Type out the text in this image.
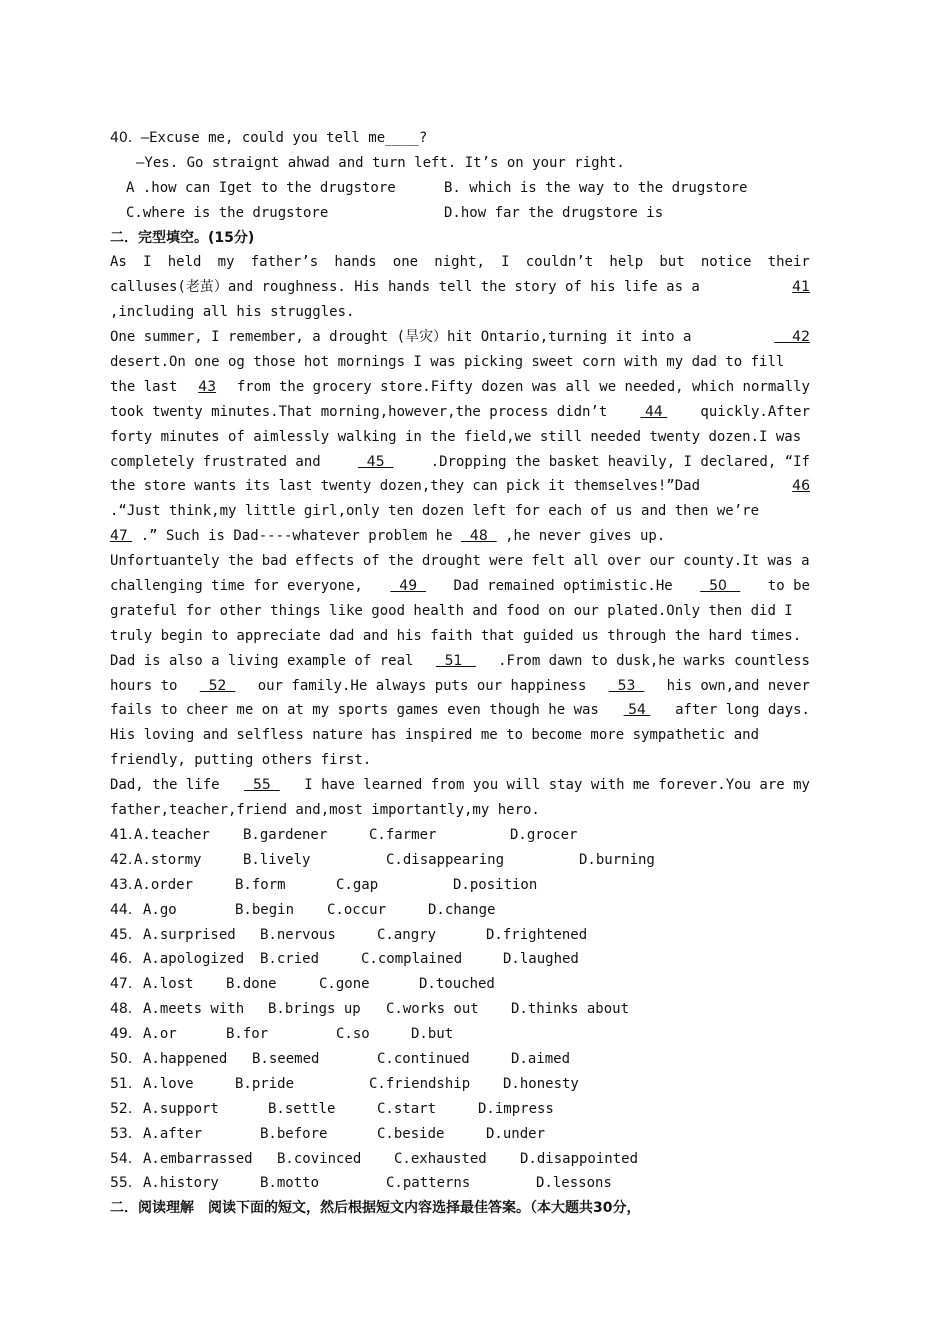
40. —Excuse me, could you tell me____?
—Yes. Go straignt ahwad and turn left. It’s on your right.
A .how can Iget to the drugstore	B. which is the way to the drugstore
C.where is the drugstore	D.how far the drugstore is
二．完型填空。(15分)
As I held my father’s hands one night, I couldn’t help but notice their
calluses(老茧）and roughness. His hands tell the story of his life as a	41
,including all his struggles.
One summer, I remember, a drought (旱灾）hit Ontario,turning it into a	42
desert.On one og those hot mornings I was picking sweet corn with my dad to fill
the last 43 from the grocery store.Fifty dozen was all we needed, which normally
took twenty minutes.That morning,however,the process didn’t 44 quickly.After
forty minutes of aimlessly walking in the field,we still needed twenty dozen.I was
completely frustrated and	45	.Dropping the basket heavily, I declared, “If
the store wants its last twenty dozen,they can pick it themselves!”Dad	46
.“Just think,my little girl,only ten dozen left for each of us and then we’re
47  .” Such is Dad----whatever problem he   48   ,he never gives up.
Unfortuantely the bad effects of the drought were felt all over our county.It was a
challenging time for everyone, 49 Dad remained optimistic.He 50 to be
grateful for other things like good health and food on our plated.Only then did I
truly begin to appreciate dad and his faith that guided us through the hard times.
Dad is also a living example of real 51 .From dawn to dusk,he warks countless
hours to 52 our family.He always puts our happiness 53 his own,and never
fails to cheer me on at my sports games even though he was 54 after long days.
His loving and selfless nature has inspired me to become more sympathetic and
friendly, putting others first.
Dad, the life 55 I have learned from you will stay with me forever.You are my
father,teacher,friend and,most importantly,my hero.
41. A.teacher B.gardener	C.farmer	D.grocer
42. A.stormy	B.lively	C.disappearing	D.burning
43. A.order	B.form	C.gap	D.position
44. A.go	B.begin C.occur	D.change
45. A.surprised B.nervous	C.angry	D.frightened
46. A.apologized B.cried	C.complained	D.laughed
47. A.lost B.done	C.gone	D.touched
48. A.meets with B.brings up C.works out D.thinks about
49. A.or	B.for	C.so	D.but
50. A.happened B.seemed	C.continued	D.aimed
51. A.love	B.pride	C.friendship D.honesty
52. A.support	B.settle	C.start	D.impress
53. A.after	B.before	C.beside	D.under
54. A.embarrassed B.covinced C.exhausted D.disappointed
55. A.history	B.motto	C.patterns	D.lessons
二．阅读理解　阅读下面的短文，然后根据短文内容选择最佳答案。（本大题共30分，
